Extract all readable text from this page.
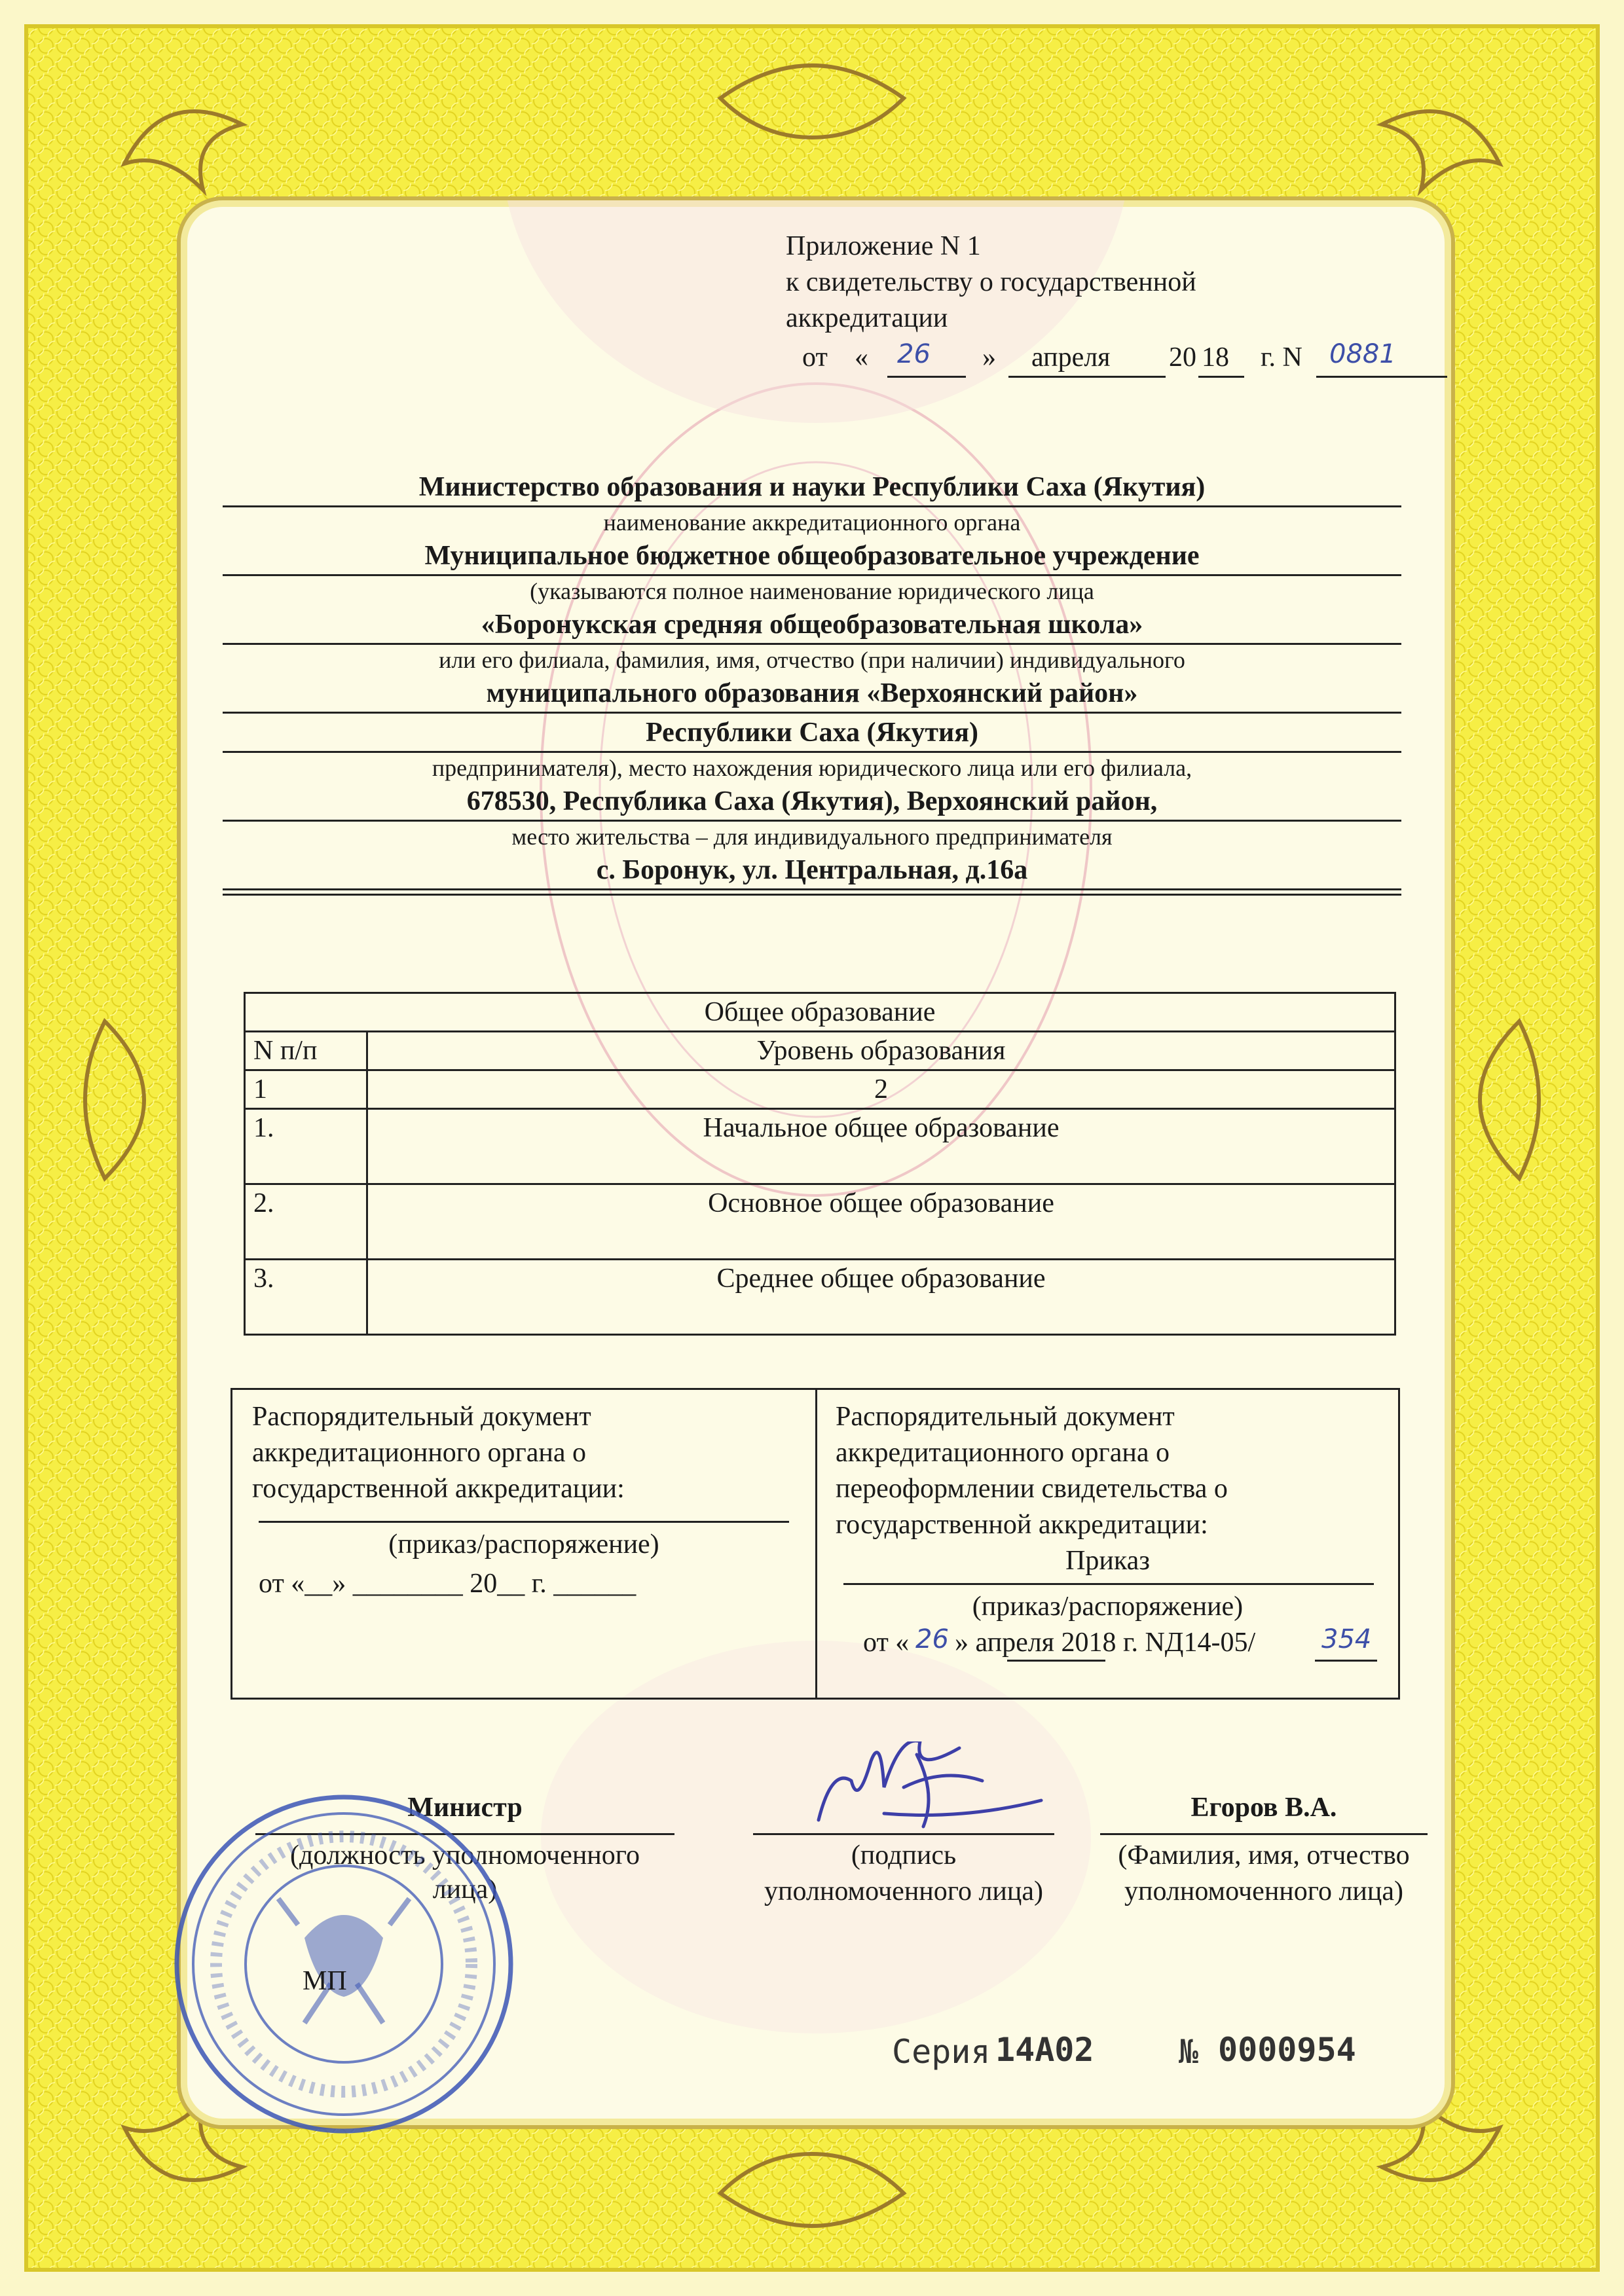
Приложение N 1
к свидетельству о государственной
аккредитации
от « 26 » апреля 20 18 г. N 0881
Министерство образования и науки Республики Саха (Якутия)
наименование аккредитационного органа
Муниципальное бюджетное общеобразовательное учреждение
(указываются полное наименование юридического лица
«Боронукская средняя общеобразовательная школа»
или его филиала, фамилия, имя, отчество (при наличии) индивидуального
муниципального образования «Верхоянский район»
Республики Саха (Якутия)
предпринимателя), место нахождения юридического лица или его филиала,
678530, Республика Саха (Якутия), Верхоянский район,
место жительства – для индивидуального предпринимателя
с. Боронук, ул. Центральная, д.16а
Общее образование	
N п/п	Уровень образования
1	2
1.	Начальное общее образование
2.	Основное общее образование
3.	Среднее общее образование
Распорядительный документ
аккредитационного органа о
государственной аккредитации:
(приказ/распоряжение)
от «__» ________ 20__ г. ______
Распорядительный документ
аккредитационного органа о
переоформлении свидетельства о
государственной аккредитации:
Приказ
(приказ/распоряжение)
от « 26 » апреля 2018 г. NД14-05/	354
Министр
(должность уполномоченного лица)
(подпись
уполномоченного лица)
Егоров В.А.
(Фамилия, имя, отчество
уполномоченного лица)
МП
Серия 14А02	№ 0000954
